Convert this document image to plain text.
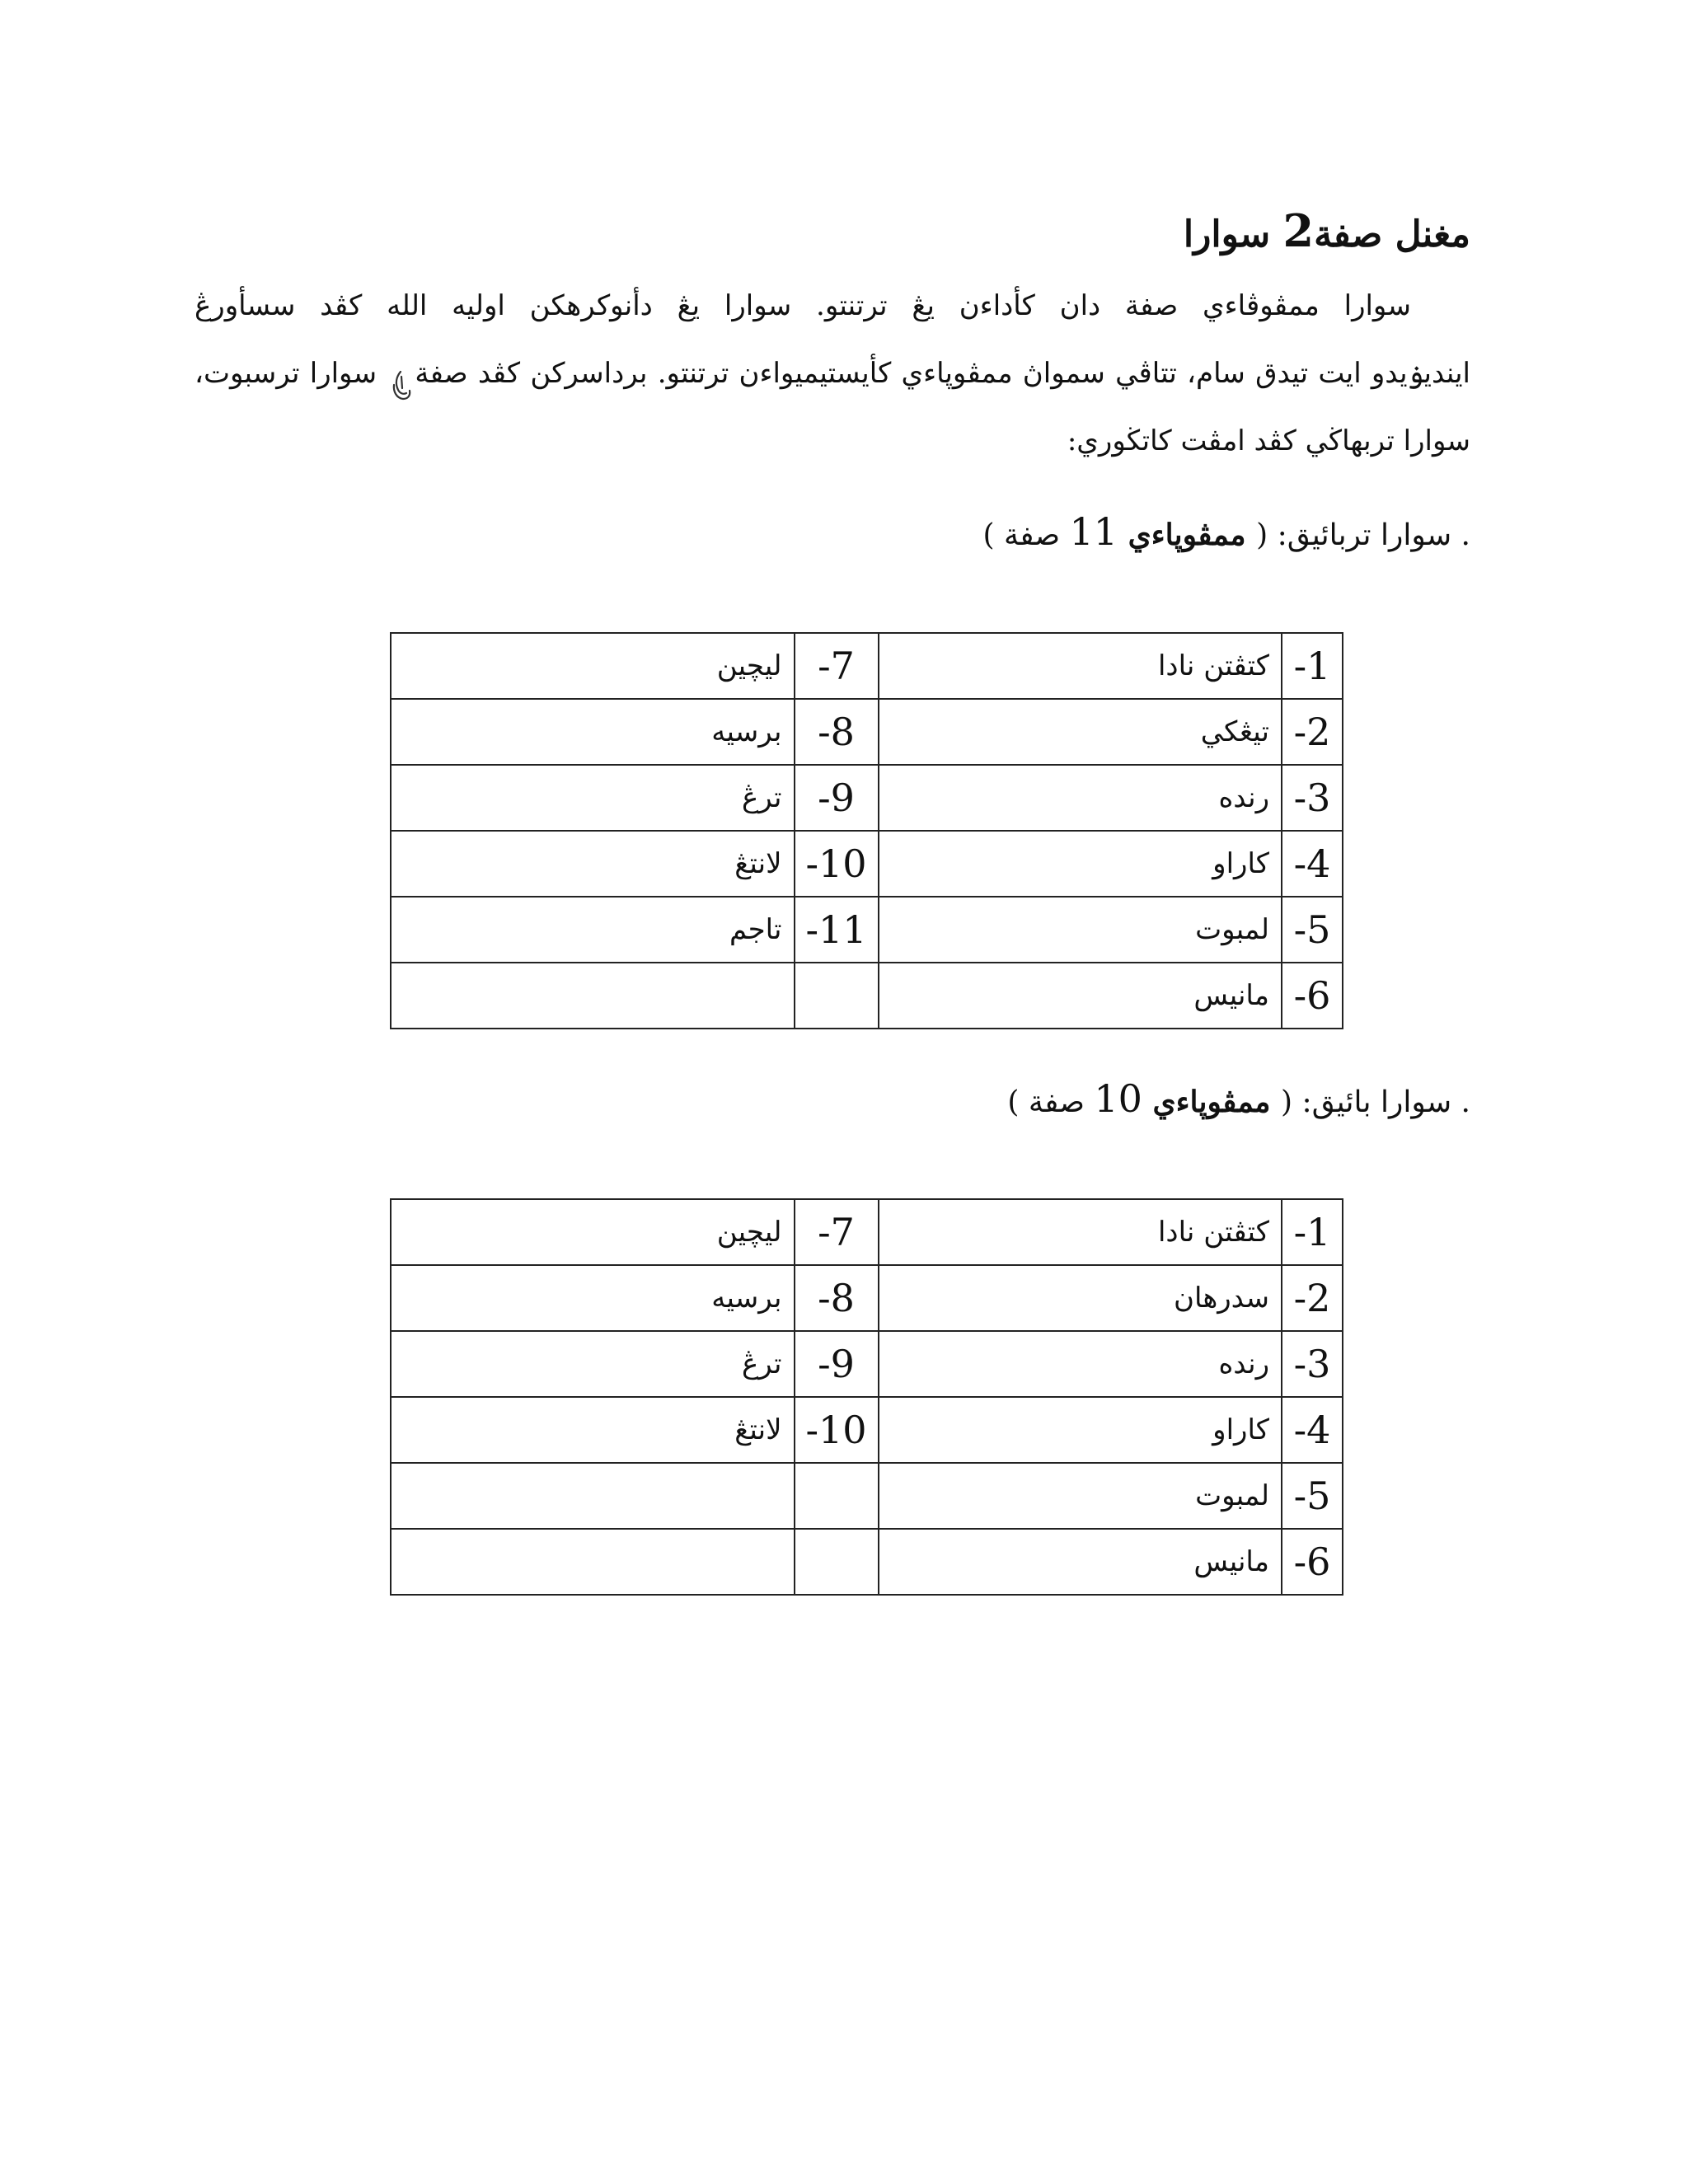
مغنل صفة2 سوارا
سوارا ممڤوڤاءي صفة دان كأداءن يڠ ترتنتو. سوارا يڠ دأنوكرهكن اوليه الله كڤد سسأورڠ
اينديۏيدو ايت تيدق سام، تتاڤي سمواڽ ممڤوڽاءي كأيستيميواءن ترتنتو. برداسركن كڤد صفة سوارا ترسبوت،
سوارا تربهاڬي كڤد امڤت كاتڬوري:
. سوارا تربائيق: ( ممڤوڽاءي 11 صفة )
1-	كتڤتن نادا	7-	ليچين
2-	تيڠكي	8-	برسيه
3-	رنده	9-	ترڠ
4-	كاراو	10-	لانتڠ
5-	لمبوت	11-	تاجم
6-	مانيس		
. سوارا بائيق: ( ممڤوڽاءي 10 صفة )
1-	كتڤتن نادا	7-	ليچين
2-	سدرهان	8-	برسيه
3-	رنده	9-	ترڠ
4-	كاراو	10-	لانتڠ
5-	لمبوت		
6-	مانيس		
